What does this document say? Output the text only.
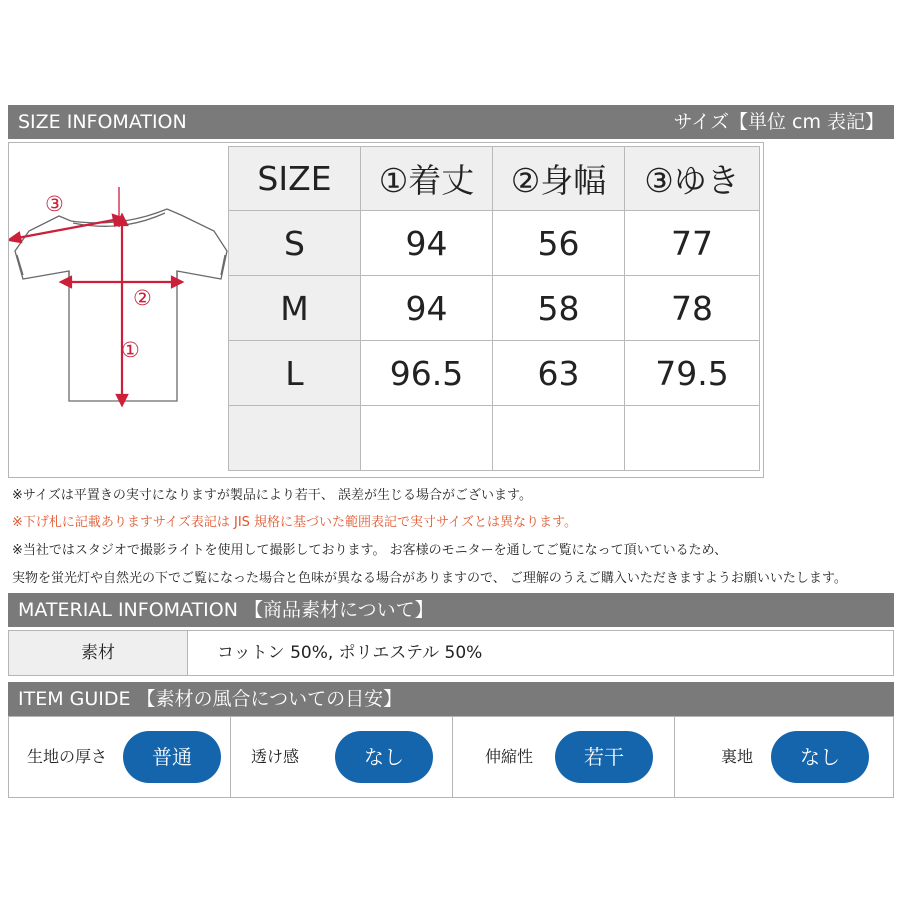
SIZE INFOMATION	サイズ【単位 cm 表記】
③
②
①
SIZE	①着丈	②身幅	③ゆき
S	94	56	77
M	94	58	78
L	96.5	63	79.5

※サイズは平置きの実寸になりますが製品により若干、 誤差が生じる場合がございます。
※下げ札に記載ありますサイズ表記は JIS 規格に基づいた範囲表記で実寸サイズとは異なります。
※当社ではスタジオで撮影ライトを使用して撮影しております。 お客様のモニターを通してご覧になって頂いているため、
実物を蛍光灯や自然光の下でご覧になった場合と色味が異なる場合がありますので、 ご理解のうえご購入いただきますようお願いいたします。
MATERIAL INFOMATION 【商品素材について】
素材	コットン 50%, ポリエステル 50%
ITEM GUIDE 【素材の風合についての目安】
生地の厚さ	普通	透け感	なし	伸縮性	若干	裏地	なし
